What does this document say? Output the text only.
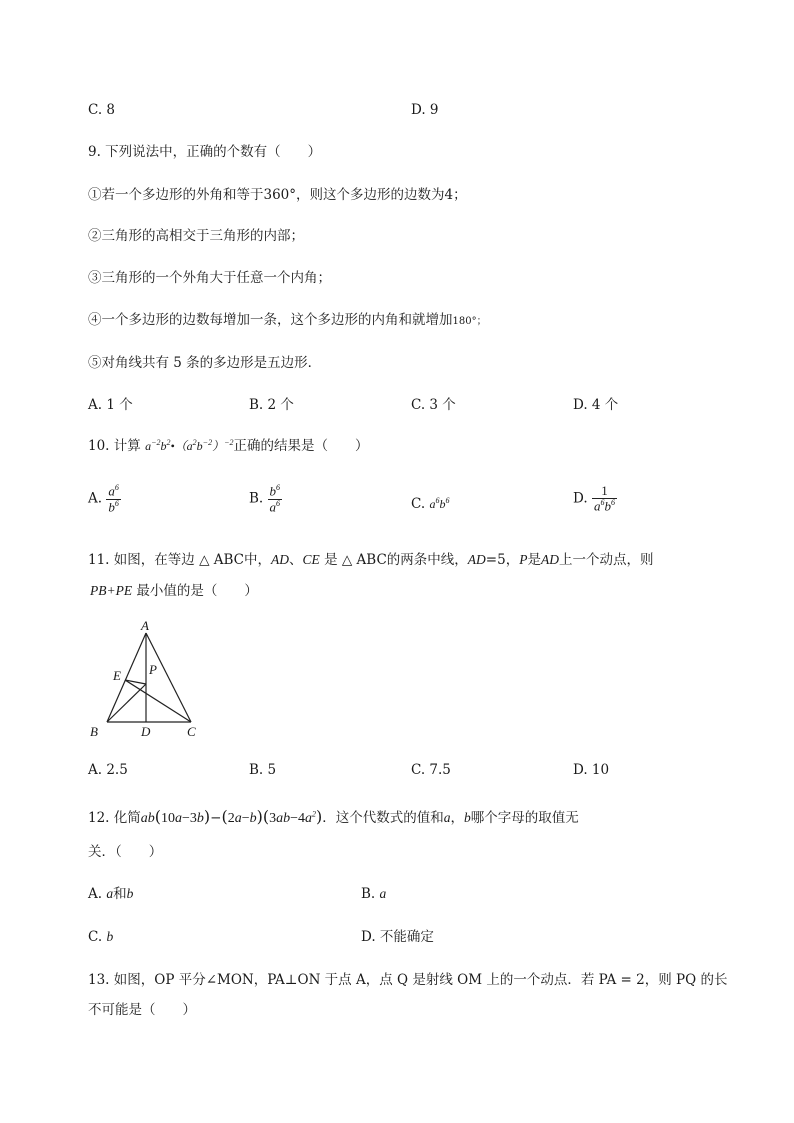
C. 8	D. 9
9. 下列说法中，正确的个数有（　　）
①若一个多边形的外角和等于360°，则这个多边形的边数为4；
②三角形的高相交于三角形的内部；
③三角形的一个外角大于任意一个内角；
④一个多边形的边数每增加一条，这个多边形的内角和就增加180°；
⑤对角线共有 5 条的多边形是五边形．
A. 1 个	B. 2 个	C. 3 个	D. 4 个
10. 计算 $a^{-2}b^2•(a^2b^{-2})^{-2}$正确的结果是（　　）
A. $\frac{a^6}{b^6}$	B. $\frac{b^6}{a^6}$	C. $a^6b^6$	D. $\frac{1}{a^6b^6}$
11. 如图，在等边 △ ABC中，AD、CE 是 △ ABC的两条中线，AD=5，P是AD上一个动点，则
PB+PE 最小值的是（　　）
A
B	C
D
E P
A. 2.5	B. 5	C. 7.5	D. 10
12. 化简$ab(10a-3b)-(2a-b)(3ab-4a^2)$．这个代数式的值和a，b哪个字母的取值无
关．（　　）
A. a和b	B. a
C. b	D. 不能确定
13. 如图，OP 平分∠MON，PA⊥ON 于点 A，点 Q 是射线 OM 上的一个动点．若 PA = 2，则 PQ 的长
不可能是（　　）
